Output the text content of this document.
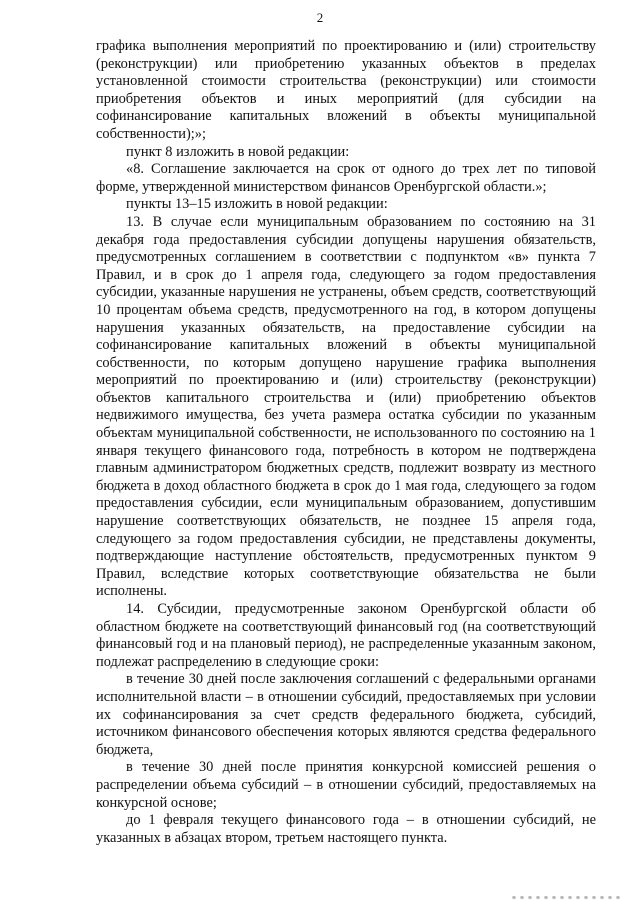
2

графика выполнения мероприятий по проектированию и (или) строительству (реконструкции) или приобретению указанных объектов в пределах установленной стоимости строительства (реконструкции) или стоимости приобретения объектов и иных мероприятий (для субсидии на софинансирование капитальных вложений в объекты муниципальной собственности);»;

пункт 8 изложить в новой редакции:

«8. Соглашение заключается на срок от одного до трех лет по типовой форме, утвержденной министерством финансов Оренбургской области.»;

пункты 13–15 изложить в новой редакции:

13. В случае если муниципальным образованием по состоянию на 31 декабря года предоставления субсидии допущены нарушения обязательств, предусмотренных соглашением в соответствии с подпунктом «в» пункта 7 Правил, и в срок до 1 апреля года, следующего за годом предоставления субсидии, указанные нарушения не устранены, объем средств, соответствующий 10 процентам объема средств, предусмотренного на год, в котором допущены нарушения указанных обязательств, на предоставление субсидии на софинансирование капитальных вложений в объекты муниципальной собственности, по которым допущено нарушение графика выполнения мероприятий по проектированию и (или) строительству (реконструкции) объектов капитального строительства и (или) приобретению объектов недвижимого имущества, без учета размера остатка субсидии по указанным объектам муниципальной собственности, не использованного по состоянию на 1 января текущего финансового года, потребность в котором не подтверждена главным администратором бюджетных средств, подлежит возврату из местного бюджета в доход областного бюджета в срок до 1 мая года, следующего за годом предоставления субсидии, если муниципальным образованием, допустившим нарушение соответствующих обязательств, не позднее 15 апреля года, следующего за годом предоставления субсидии, не представлены документы, подтверждающие наступление обстоятельств, предусмотренных пунктом 9 Правил, вследствие которых соответствующие обязательства не были исполнены.

14. Субсидии, предусмотренные законом Оренбургской области об областном бюджете на соответствующий финансовый год (на соответствующий финансовый год и на плановый период), не распределенные указанным законом, подлежат распределению в следующие сроки:

в течение 30 дней после заключения соглашений с федеральными органами исполнительной власти – в отношении субсидий, предоставляемых при условии их софинансирования за счет средств федерального бюджета, субсидий, источником финансового обеспечения которых являются средства федерального бюджета,

в течение 30 дней после принятия конкурсной комиссией решения о распределении объема субсидий – в отношении субсидий, предоставляемых на конкурсной основе;

до 1 февраля текущего финансового года – в отношении субсидий, не указанных в абзацах втором, третьем настоящего пункта.
